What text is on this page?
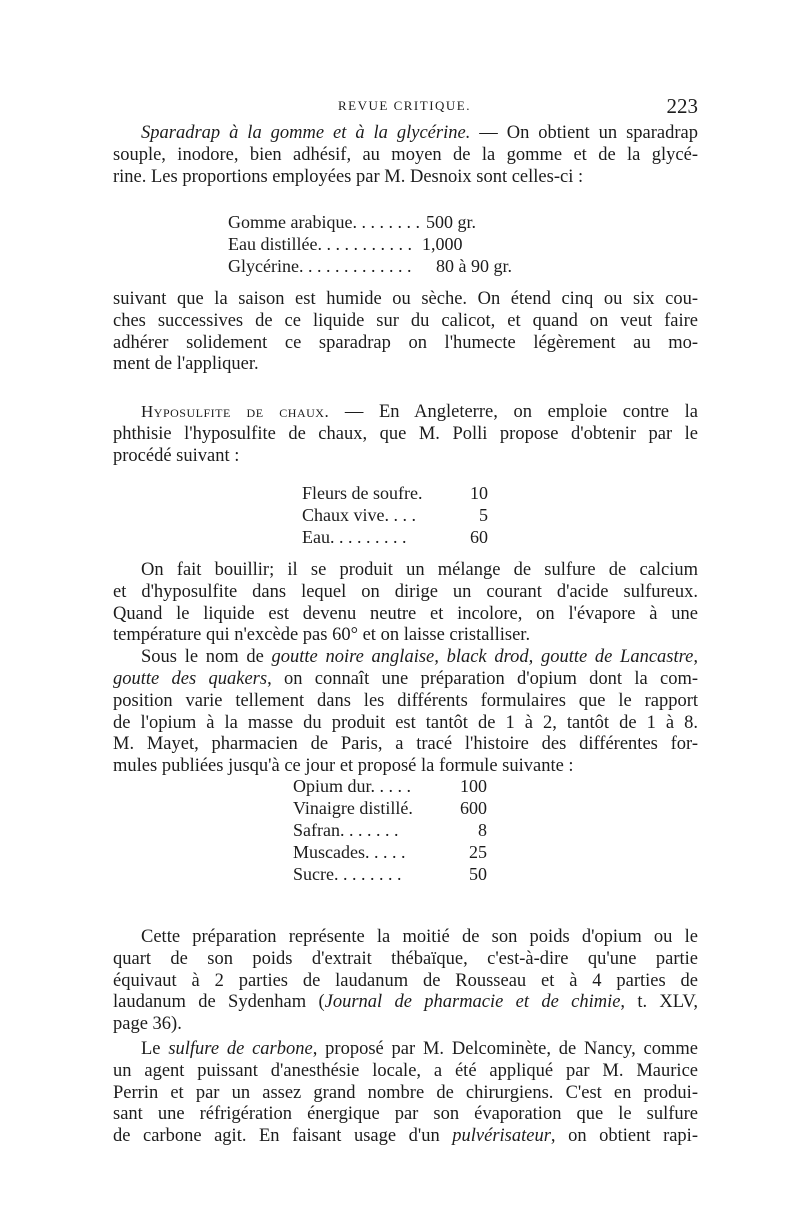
REVUE CRITIQUE.	223
Sparadrap à la gomme et à la glycérine. — On obtient un sparadrap
souple, inodore, bien adhésif, au moyen de la gomme et de la glycé-
rine. Les proportions employées par M. Desnoix sont celles-ci :
Gomme arabique. . . . . . . . 500 gr.
Eau distillée. . . . . . . . . . . 1,000
Glycérine. . . . . . . . . . . . .	80 à 90 gr.
suivant que la saison est humide ou sèche. On étend cinq ou six cou-
ches successives de ce liquide sur du calicot, et quand on veut faire
adhérer solidement ce sparadrap on l'humecte légèrement au mo-
ment de l'appliquer.
Hyposulfite de chaux. — En Angleterre, on emploie contre la
phthisie l'hyposulfite de chaux, que M. Polli propose d'obtenir par le
procédé suivant :
Fleurs de soufre.	10
Chaux vive. . . .	5
Eau. . . . . . . . .	60
On fait bouillir; il se produit un mélange de sulfure de calcium
et d'hyposulfite dans lequel on dirige un courant d'acide sulfureux.
Quand le liquide est devenu neutre et incolore, on l'évapore à une
température qui n'excède pas 60° et on laisse cristalliser.
Sous le nom de goutte noire anglaise, black drod, goutte de Lancastre,
goutte des quakers, on connaît une préparation d'opium dont la com-
position varie tellement dans les différents formulaires que le rapport
de l'opium à la masse du produit est tantôt de 1 à 2, tantôt de 1 à 8.
M. Mayet, pharmacien de Paris, a tracé l'histoire des différentes for-
mules publiées jusqu'à ce jour et proposé la formule suivante :
Opium dur. . . . .	100
Vinaigre distillé.	600
Safran. . . . . . .	8
Muscades. . . . .	25
Sucre. . . . . . . .	50
Cette préparation représente la moitié de son poids d'opium ou le
quart de son poids d'extrait thébaïque, c'est-à-dire qu'une partie
équivaut à 2 parties de laudanum de Rousseau et à 4 parties de
laudanum de Sydenham (Journal de pharmacie et de chimie, t. XLV,
page 36).
Le sulfure de carbone, proposé par M. Delcominète, de Nancy, comme
un agent puissant d'anesthésie locale, a été appliqué par M. Maurice
Perrin et par un assez grand nombre de chirurgiens. C'est en produi-
sant une réfrigération énergique par son évaporation que le sulfure
de carbone agit. En faisant usage d'un pulvérisateur, on obtient rapi-
